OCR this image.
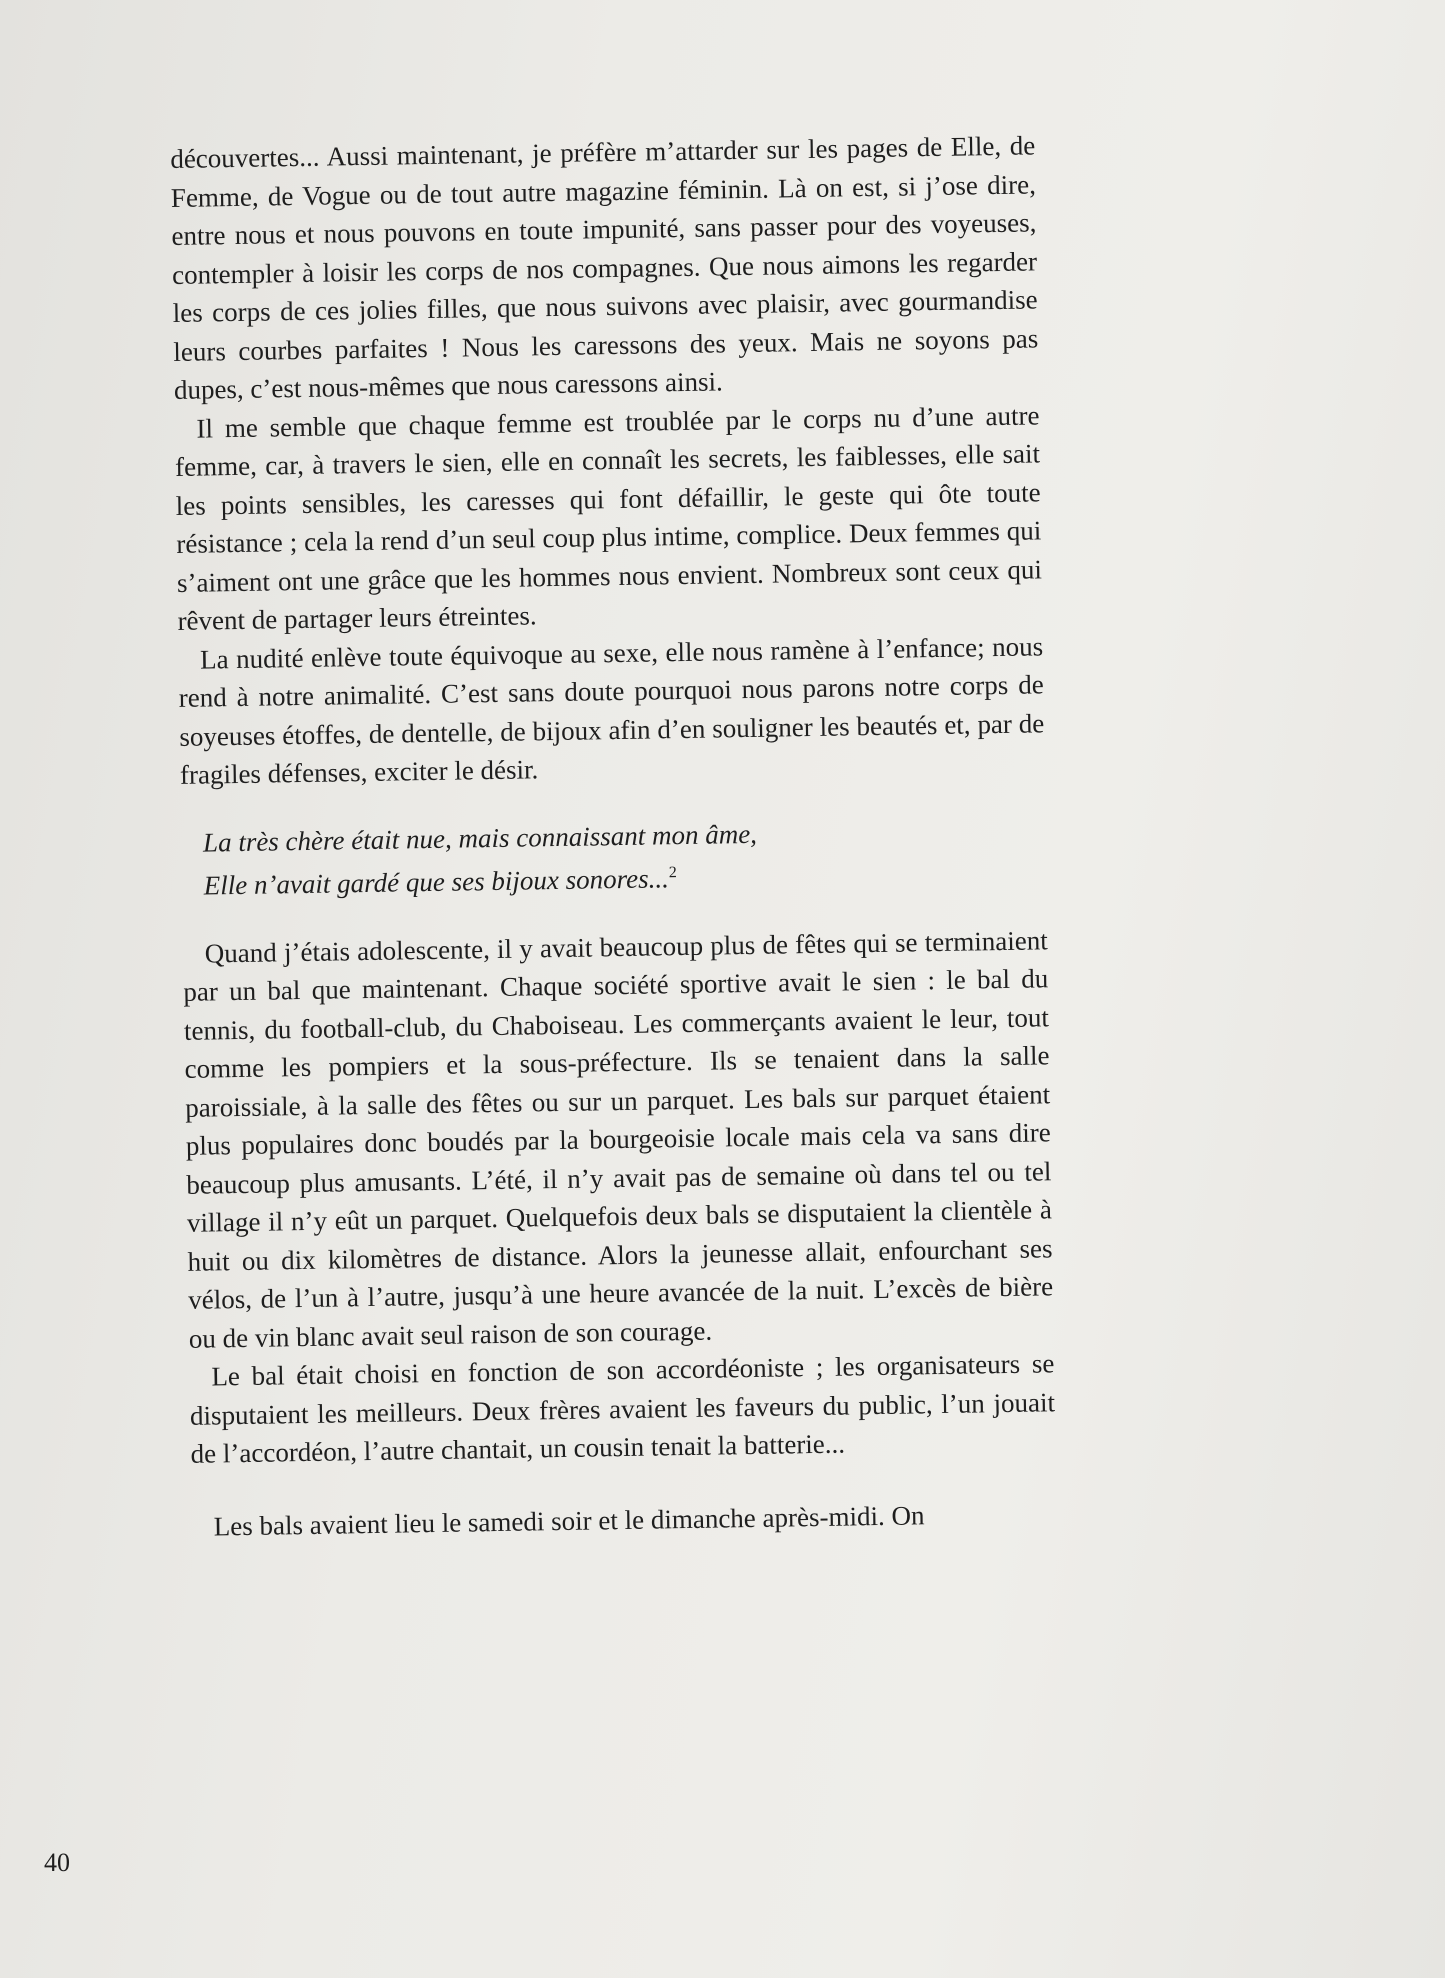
découvertes... Aussi maintenant, je préfère m’attarder sur les pages de Elle, de Femme, de Vogue ou de tout autre magazine féminin. Là on est, si j’ose dire, entre nous et nous pouvons en toute impunité, sans passer pour des voyeuses, contempler à loisir les corps de nos compagnes. Que nous aimons les regarder les corps de ces jolies filles, que nous suivons avec plaisir, avec gourmandise leurs courbes parfaites ! Nous les caressons des yeux. Mais ne soyons pas dupes, c’est nous-mêmes que nous caressons ainsi.

Il me semble que chaque femme est troublée par le corps nu d’une autre femme, car, à travers le sien, elle en connaît les secrets, les faiblesses, elle sait les points sensibles, les caresses qui font défaillir, le geste qui ôte toute résistance ; cela la rend d’un seul coup plus intime, complice. Deux femmes qui s’aiment ont une grâce que les hommes nous envient. Nombreux sont ceux qui rêvent de partager leurs étreintes.

La nudité enlève toute équivoque au sexe, elle nous ramène à l’enfance; nous rend à notre animalité. C’est sans doute pourquoi nous parons notre corps de soyeuses étoffes, de dentelle, de bijoux afin d’en souligner les beautés et, par de fragiles défenses, exciter le désir.

La très chère était nue, mais connaissant mon âme,
Elle n’avait gardé que ses bijoux sonores...$^2$

Quand j’étais adolescente, il y avait beaucoup plus de fêtes qui se terminaient par un bal que maintenant. Chaque société sportive avait le sien : le bal du tennis, du football-club, du Chaboiseau. Les commerçants avaient le leur, tout comme les pompiers et la sous-préfecture. Ils se tenaient dans la salle paroissiale, à la salle des fêtes ou sur un parquet. Les bals sur parquet étaient plus populaires donc boudés par la bourgeoisie locale mais cela va sans dire beaucoup plus amusants. L’été, il n’y avait pas de semaine où dans tel ou tel village il n’y eût un parquet. Quelquefois deux bals se disputaient la clientèle à huit ou dix kilomètres de distance. Alors la jeunesse allait, enfourchant ses vélos, de l’un à l’autre, jusqu’à une heure avancée de la nuit. L’excès de bière ou de vin blanc avait seul raison de son courage.

Le bal était choisi en fonction de son accordéoniste ; les organisateurs se disputaient les meilleurs. Deux frères avaient les faveurs du public, l’un jouait de l’accordéon, l’autre chantait, un cousin tenait la batterie...

Les bals avaient lieu le samedi soir et le dimanche après-midi. On

40
